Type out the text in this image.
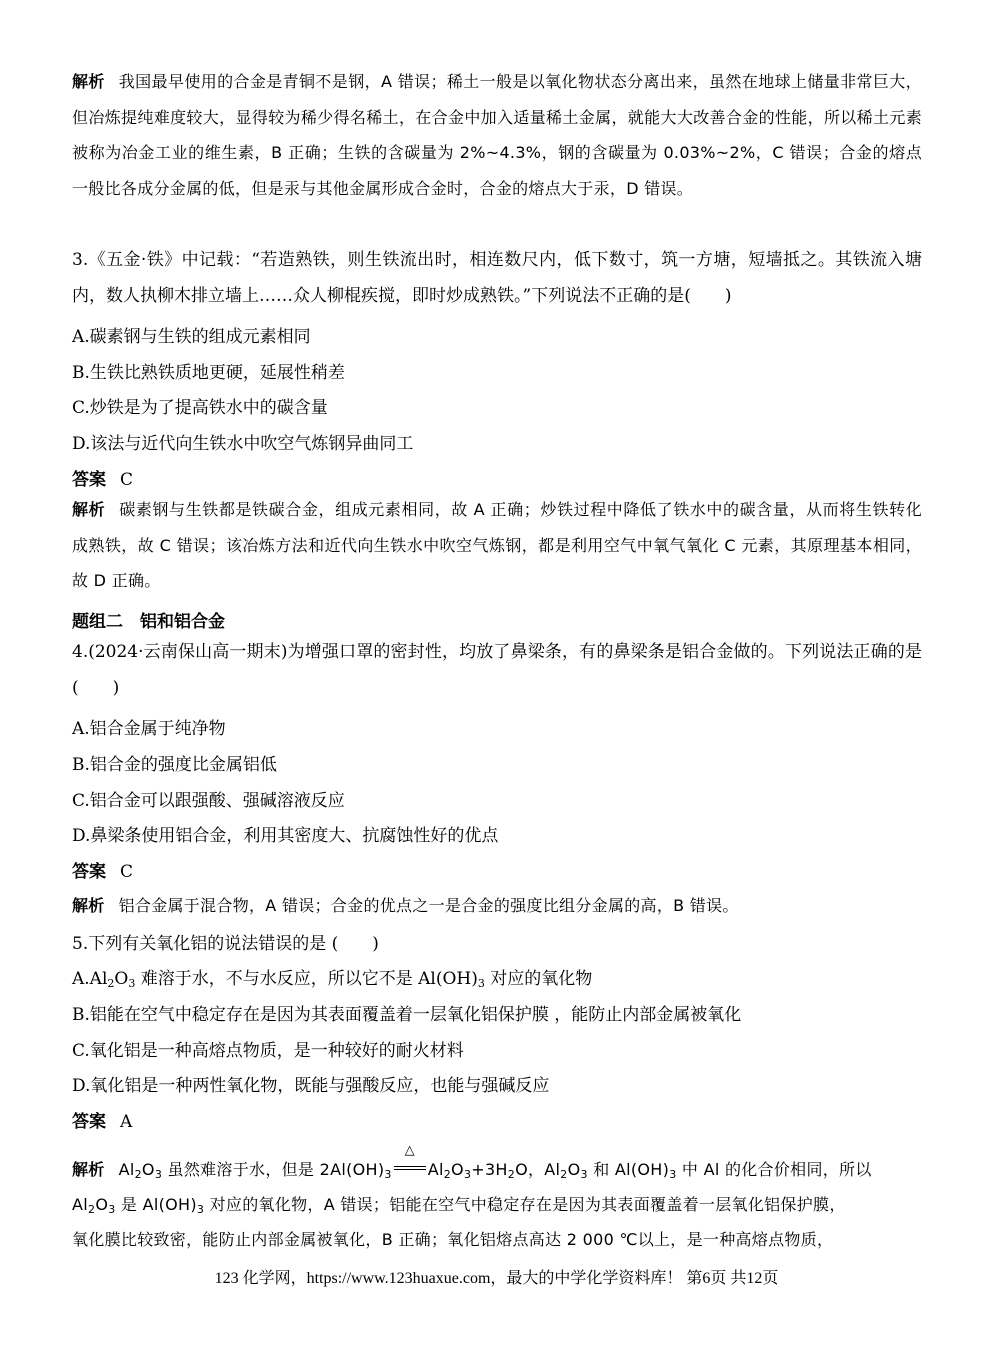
解析 我国最早使用的合金是青铜不是钢，A 错误；稀土一般是以氧化物状态分离出来，虽然在地球上储量非常巨大，但冶炼提纯难度较大，显得较为稀少得名稀土，在合金中加入适量稀土金属，就能大大改善合金的性能，所以稀土元素被称为冶金工业的维生素，B 正确；生铁的含碳量为 2%~4.3%，钢的含碳量为 0.03%~2%，C 错误；合金的熔点一般比各成分金属的低，但是汞与其他金属形成合金时，合金的熔点大于汞，D 错误。
3.《五金·铁》中记载：“若造熟铁，则生铁流出时，相连数尺内，低下数寸，筑一方塘，短墙抵之。其铁流入塘内，数人执柳木排立墙上……众人柳棍疾搅，即时炒成熟铁。”下列说法不正确的是(　　)
A.碳素钢与生铁的组成元素相同
B.生铁比熟铁质地更硬，延展性稍差
C.炒铁是为了提高铁水中的碳含量
D.该法与近代向生铁水中吹空气炼钢异曲同工
答案 C
解析 碳素钢与生铁都是铁碳合金，组成元素相同，故 A 正确；炒铁过程中降低了铁水中的碳含量，从而将生铁转化成熟铁，故 C 错误；该冶炼方法和近代向生铁水中吹空气炼钢，都是利用空气中氧气氧化 C 元素，其原理基本相同，故 D 正确。
题组二　铝和铝合金
4.(2024·云南保山高一期末)为增强口罩的密封性，均放了鼻梁条，有的鼻梁条是铝合金做的。下列说法正确的是(　　)
A.铝合金属于纯净物
B.铝合金的强度比金属铝低
C.铝合金可以跟强酸、强碱溶液反应
D.鼻梁条使用铝合金，利用其密度大、抗腐蚀性好的优点
答案 C
解析 铝合金属于混合物，A 错误；合金的优点之一是合金的强度比组分金属的高，B 错误。
5.下列有关氧化铝的说法错误的是 (　　)
$A.Al_2O_3$ 难溶于水，不与水反应，所以它不是 $Al(OH)_3$ 对应的氧化物
B.铝能在空气中稳定存在是因为其表面覆盖着一层氧化铝保护膜 ，能防止内部金属被氧化
C.氧化铝是一种高熔点物质，是一种较好的耐火材料
D.氧化铝是一种两性氧化物，既能与强酸反应，也能与强碱反应
答案 A
解析 $Al_2O_3$ 虽然难溶于水，但是 $2Al(OH)_3$
△
$Al_2O_3+3H_2O$，$Al_2O_3$ 和 $Al(OH)_3$ 中 Al 的化合价相同，所以
$Al_2O_3$ 是 $Al(OH)_3$ 对应的氧化物，A 错误；铝能在空气中稳定存在是因为其表面覆盖着一层氧化铝保护膜，
氧化膜比较致密，能防止内部金属被氧化，B 正确；氧化铝熔点高达 2 000 ℃以上，是一种高熔点物质，
123 化学网，https://www.123huaxue.com，最大的中学化学资料库！ 第6页 共12页
